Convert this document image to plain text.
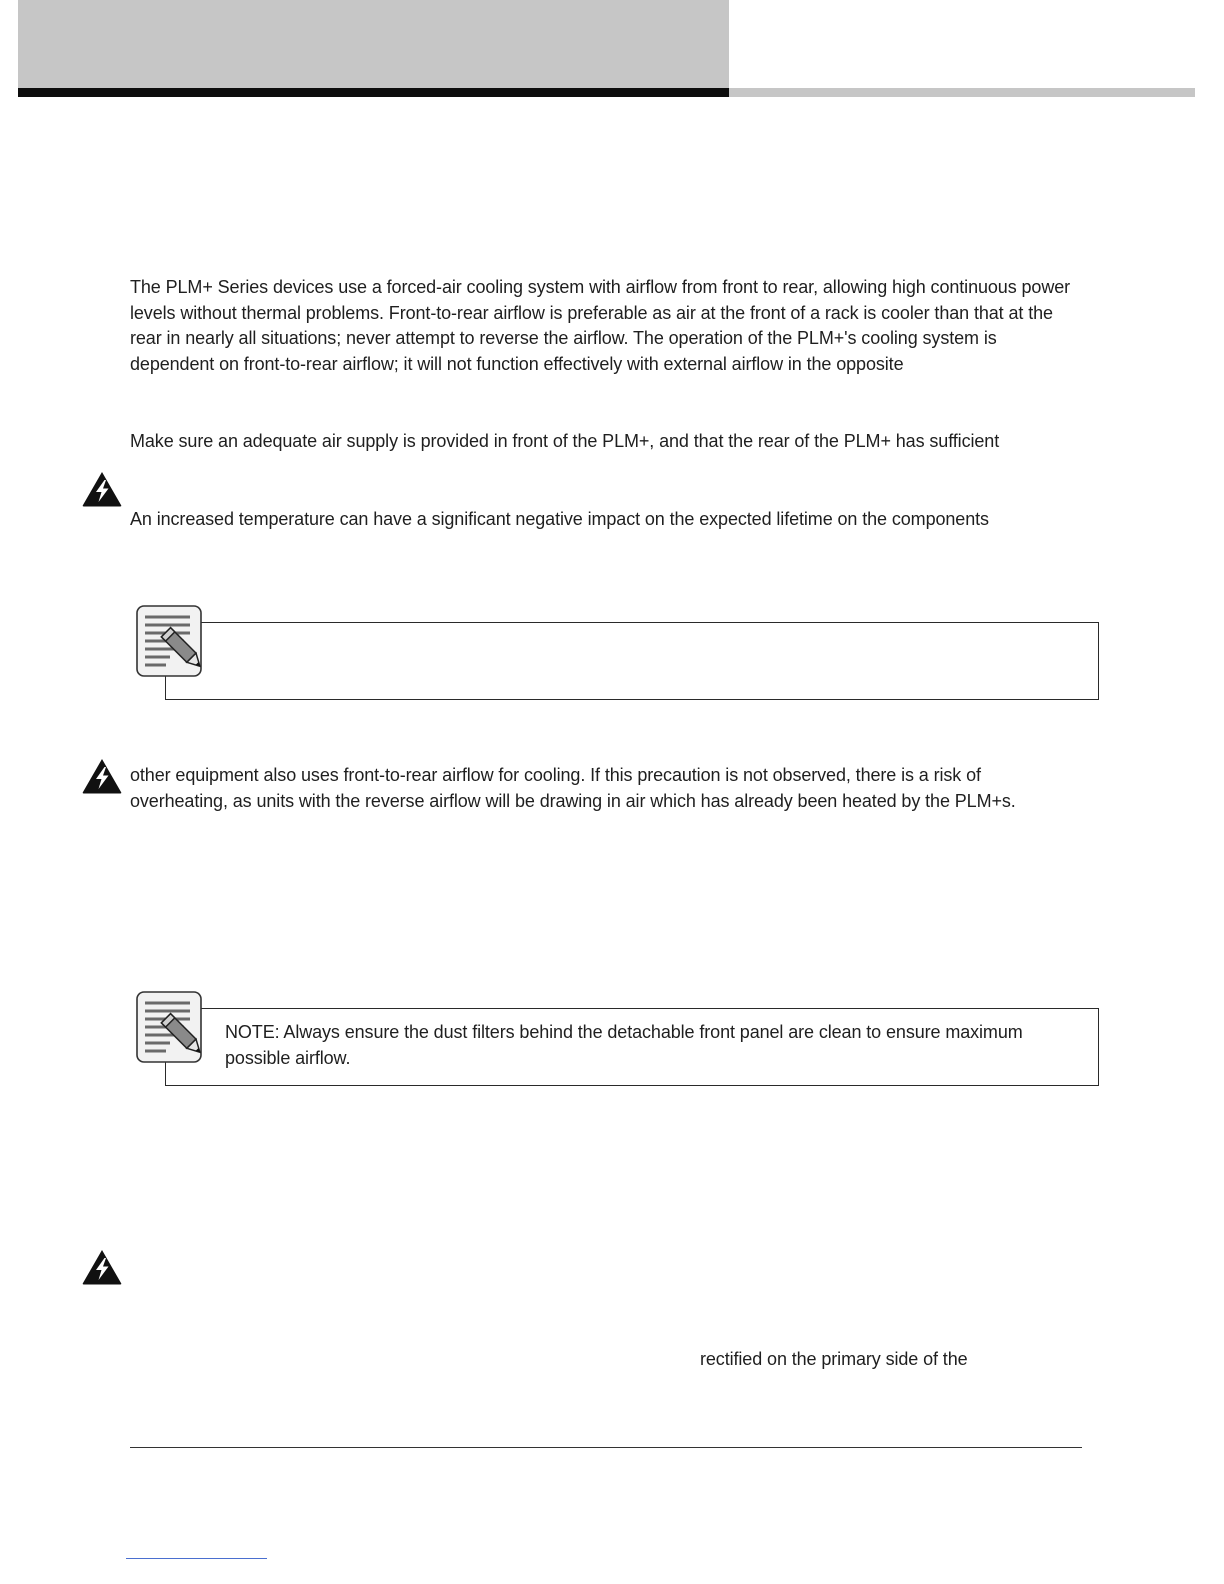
The PLM+ Series devices use a forced-air cooling system with airflow from front to rear, allowing high continuous power levels without thermal problems. Front-to-rear airflow is preferable as air at the front of a rack is cooler than that at the rear in nearly all situations; never attempt to reverse the airflow. The operation of the PLM+'s cooling system is dependent on front-to-rear airflow; it will not function effectively with external airflow in the opposite

Make sure an adequate air supply is provided in front of the PLM+, and that the rear of the PLM+ has sufficient

An increased temperature can have a significant negative impact on the expected lifetime on the components

other equipment also uses front-to-rear airflow for cooling. If this precaution is not observed, there is a risk of overheating, as units with the reverse airflow will be drawing in air which has already been heated by the PLM+s.

NOTE: Always ensure the dust filters behind the detachable front panel are clean to ensure maximum possible airflow.

rectified on the primary side of the
